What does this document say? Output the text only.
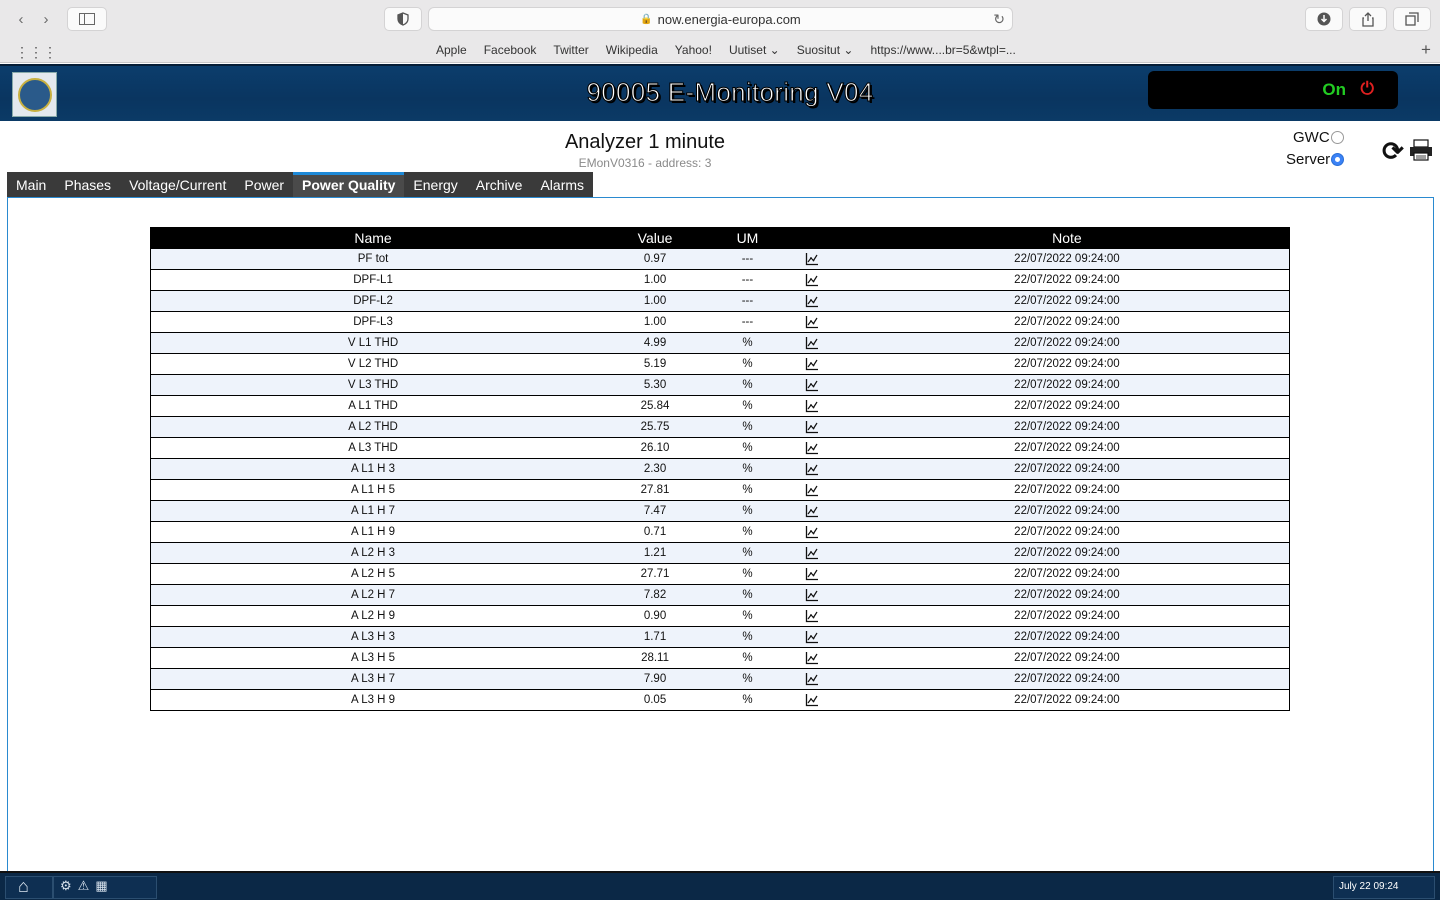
‹	›	🔒 now.energia-europa.com	↻
⋮⋮⋮	Apple Facebook Twitter Wikipedia Yahoo! Uutiset ⌄ Suositut ⌄ https://www....br=5&wtpl=...	+
90005 E-Monitoring V04	On ⏻
Analyzer 1 minute
EMonV0316 - address: 3
GWC
Server ⟳
Main	Phases	Voltage/Current	Power	Power Quality	Energy	Archive	Alarms
Name	Value	UM		Note
PF tot	0.97	---		22/07/2022 09:24:00
DPF-L1	1.00	---		22/07/2022 09:24:00
DPF-L2	1.00	---		22/07/2022 09:24:00
DPF-L3	1.00	---		22/07/2022 09:24:00
V L1 THD	4.99	%		22/07/2022 09:24:00
V L2 THD	5.19	%		22/07/2022 09:24:00
V L3 THD	5.30	%		22/07/2022 09:24:00
A L1 THD	25.84	%		22/07/2022 09:24:00
A L2 THD	25.75	%		22/07/2022 09:24:00
A L3 THD	26.10	%		22/07/2022 09:24:00
A L1 H 3	2.30	%		22/07/2022 09:24:00
A L1 H 5	27.81	%		22/07/2022 09:24:00
A L1 H 7	7.47	%		22/07/2022 09:24:00
A L1 H 9	0.71	%		22/07/2022 09:24:00
A L2 H 3	1.21	%		22/07/2022 09:24:00
A L2 H 5	27.71	%		22/07/2022 09:24:00
A L2 H 7	7.82	%		22/07/2022 09:24:00
A L2 H 9	0.90	%		22/07/2022 09:24:00
A L3 H 3	1.71	%		22/07/2022 09:24:00
A L3 H 5	28.11	%		22/07/2022 09:24:00
A L3 H 7	7.90	%		22/07/2022 09:24:00
A L3 H 9	0.05	%		22/07/2022 09:24:00
⌂ ⚙ ⚠ ▦	July 22 09:24
